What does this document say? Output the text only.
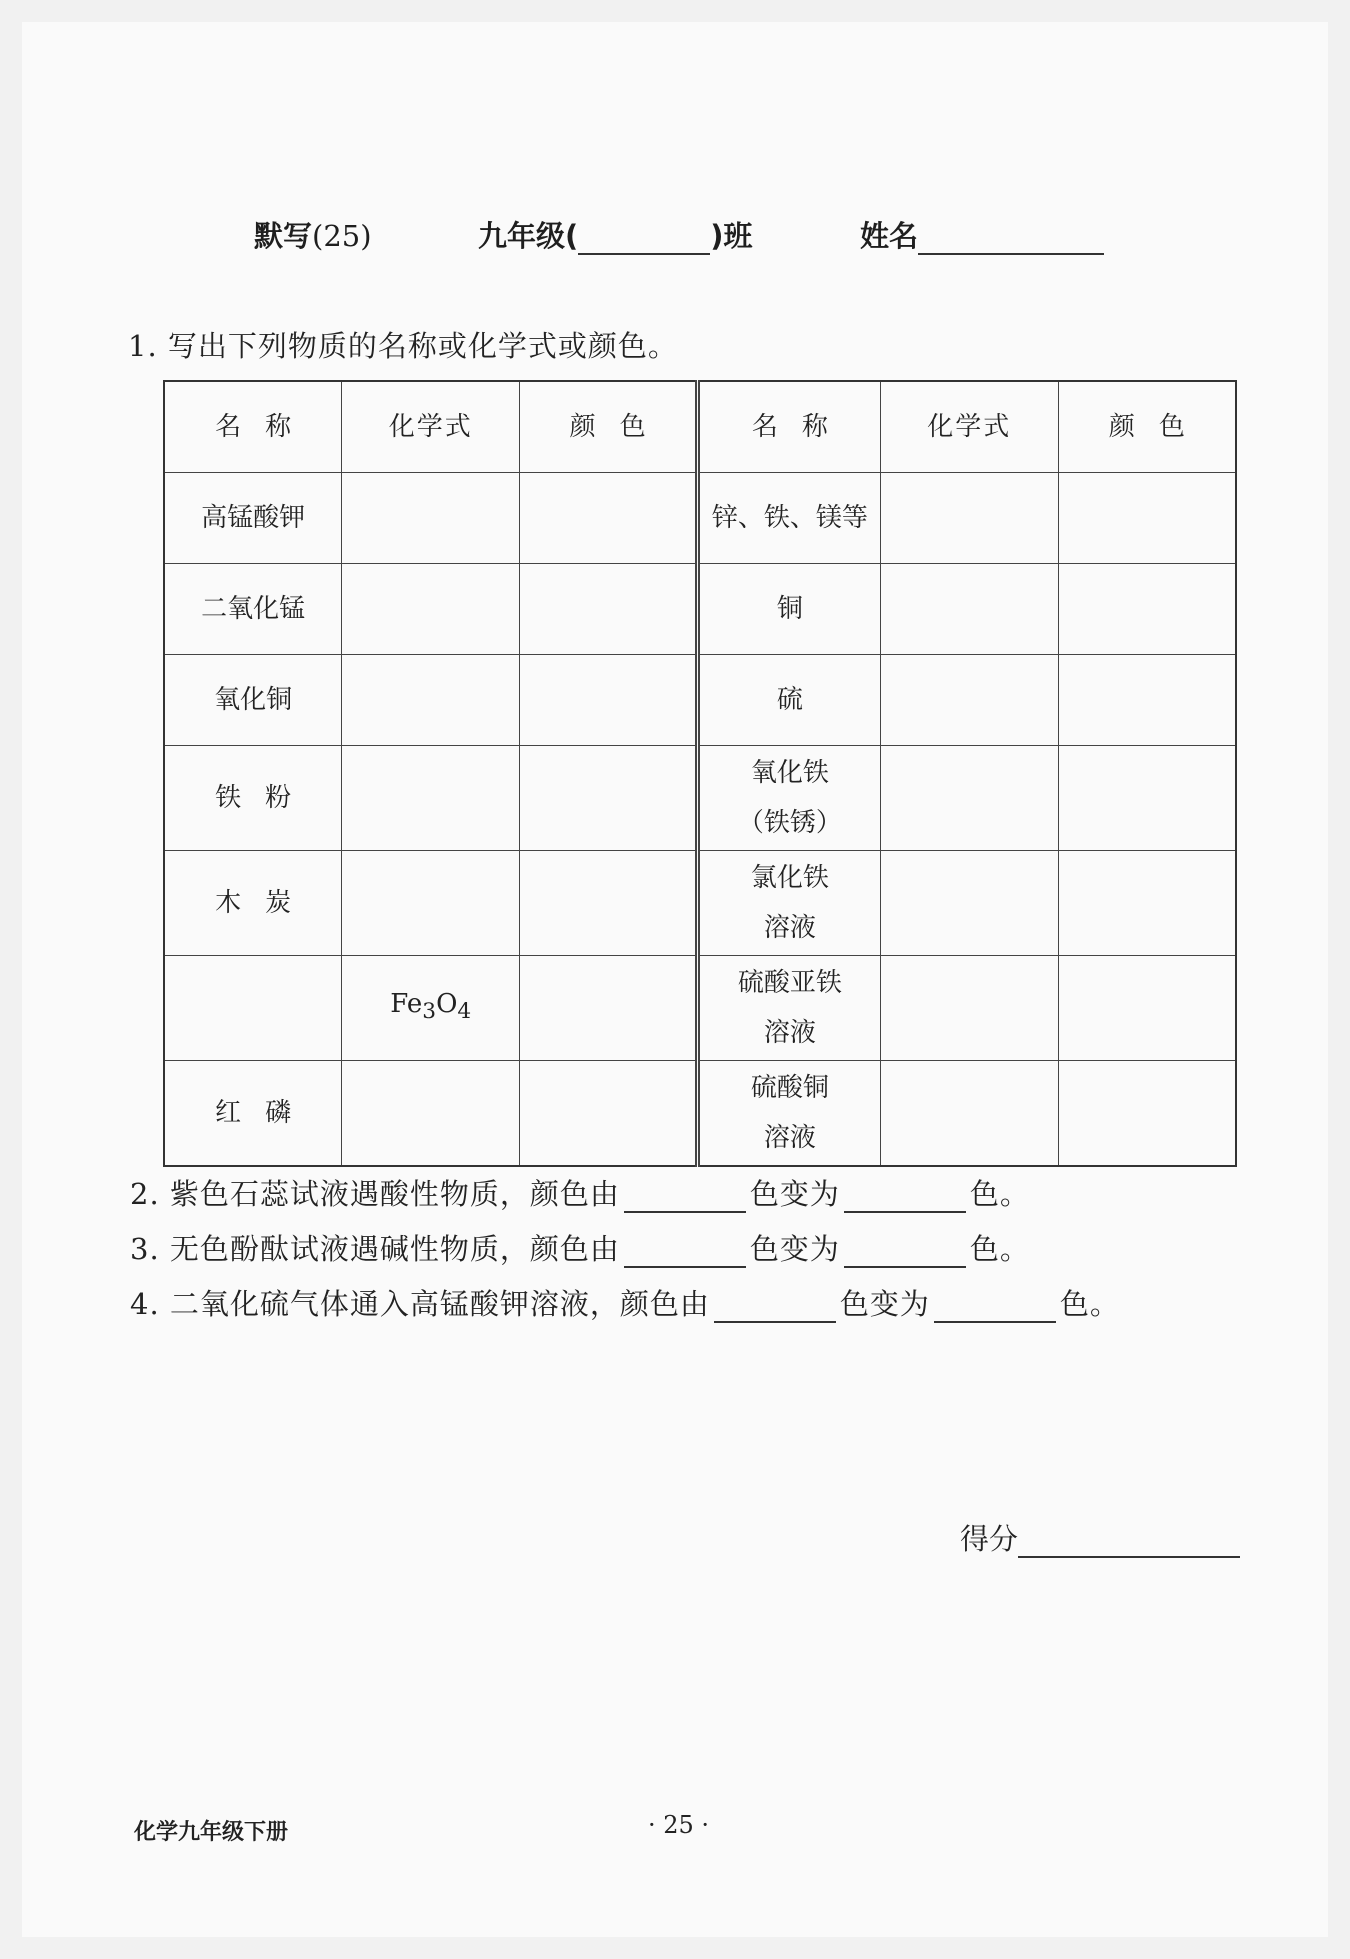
默写(25)	九年级(	)班	姓名
1. 写出下列物质的名称或化学式或颜色。
名称	化学式	颜色	名称	化学式	颜色
高锰酸钾			锌、铁、镁等		
二氧化锰			铜		
氧化铜			硫		
铁粉			氧化铁
（铁锈）		

木炭			氯化铁
溶液		

	$Fe_3O_4$		硫酸亚铁
溶液		

红磷			硫酸铜
溶液		

2. 紫色石蕊试液遇酸性物质，颜色由	色变为	色。
3. 无色酚酞试液遇碱性物质，颜色由	色变为	色。
4. 二氧化硫气体通入高锰酸钾溶液，颜色由	色变为	色。
得分
化学九年级下册	· 25 ·
